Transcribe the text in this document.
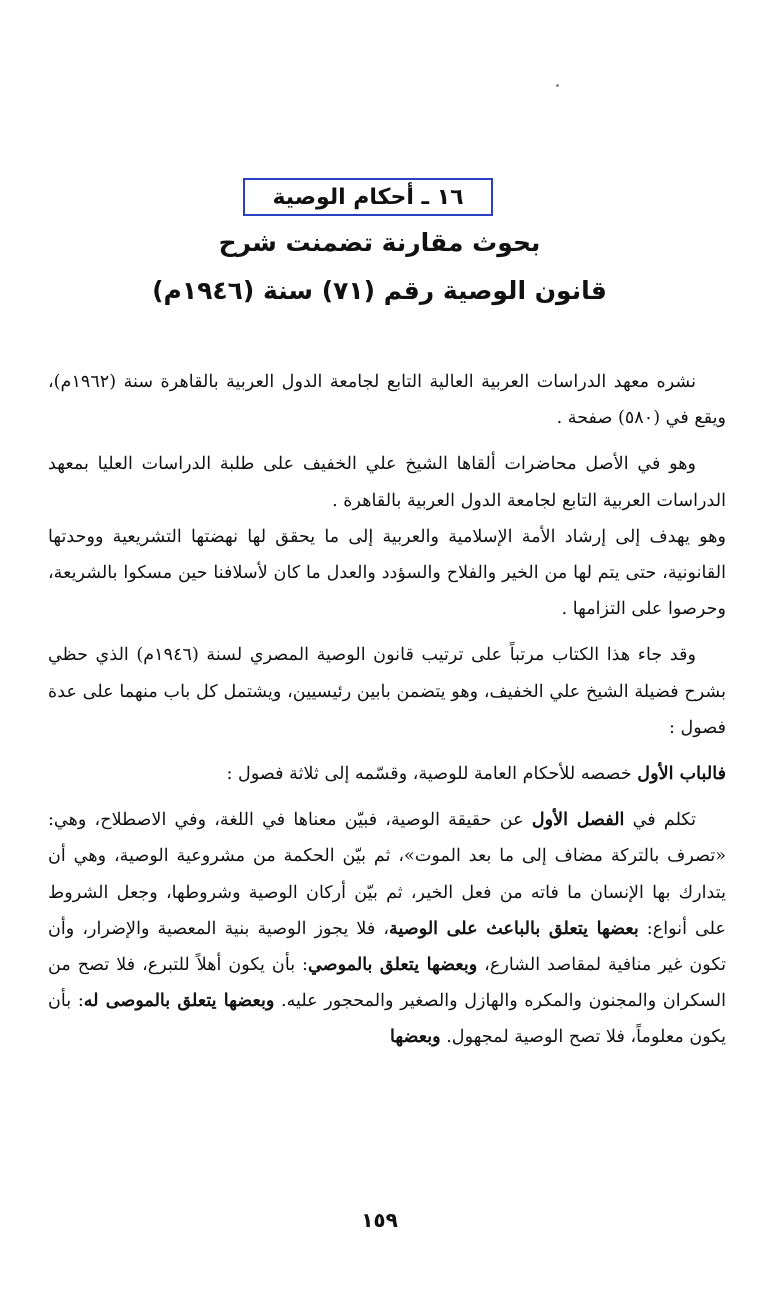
١٦ ـ أحكام الوصية
بحوث مقارنة تضمنت شرح
قانون الوصية رقم (٧١) سنة (١٩٤٦م)

نشره معهد الدراسات العربية العالية التابع لجامعة الدول العربية بالقاهرة سنة (١٩٦٢م)، ويقع في (٥٨٠) صفحة .

وهو في الأصل محاضرات ألقاها الشيخ علي الخفيف على طلبة الدراسات العليا بمعهد الدراسات العربية التابع لجامعة الدول العربية بالقاهرة .
وهو يهدف إلى إرشاد الأمة الإسلامية والعربية إلى ما يحقق لها نهضتها التشريعية ووحدتها القانونية، حتى يتم لها من الخير والفلاح والسؤدد والعدل ما كان لأسلافنا حين مسكوا بالشريعة، وحرصوا على التزامها .

وقد جاء هذا الكتاب مرتباً على ترتيب قانون الوصية المصري لسنة (١٩٤٦م) الذي حظي بشرح فضيلة الشيخ علي الخفيف، وهو يتضمن بابين رئيسيين، ويشتمل كل باب منهما على عدة فصول :

فالباب الأول خصصه للأحكام العامة للوصية، وقسّمه إلى ثلاثة فصول :

تكلم في الفصل الأول عن حقيقة الوصية، فبيّن معناها في اللغة، وفي الاصطلاح، وهي: «تصرف بالتركة مضاف إلى ما بعد الموت»، ثم بيّن الحكمة من مشروعية الوصية، وهي أن يتدارك بها الإنسان ما فاته من فعل الخير، ثم بيّن أركان الوصية وشروطها، وجعل الشروط على أنواع: بعضها يتعلق بالباعث على الوصية، فلا يجوز الوصية بنية المعصية والإضرار، وأن تكون غير منافية لمقاصد الشارع، وبعضها يتعلق بالموصي: بأن يكون أهلاً للتبرع، فلا تصح من السكران والمجنون والمكره والهازل والصغير والمحجور عليه. وبعضها يتعلق بالموصى له: بأن يكون معلوماً، فلا تصح الوصية لمجهول. وبعضها

١٥٩
